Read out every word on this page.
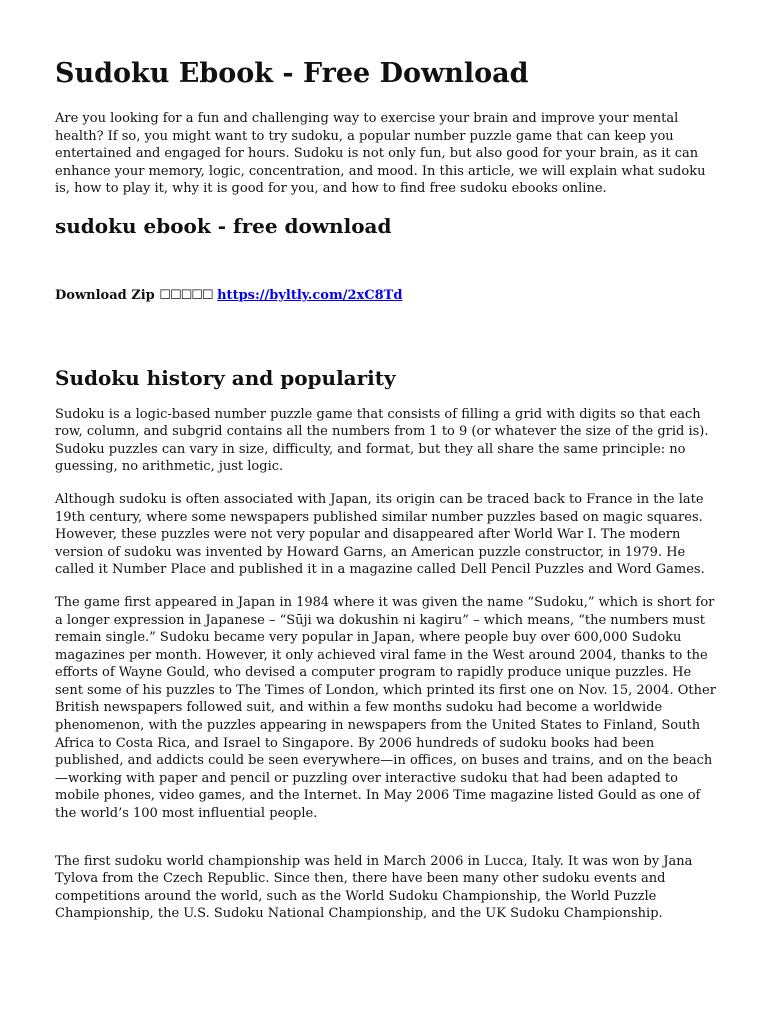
Sudoku Ebook - Free Download

Are you looking for a fun and challenging way to exercise your brain and improve your mental health? If so, you might want to try sudoku, a popular number puzzle game that can keep you entertained and engaged for hours. Sudoku is not only fun, but also good for your brain, as it can enhance your memory, logic, concentration, and mood. In this article, we will explain what sudoku is, how to play it, why it is good for you, and how to find free sudoku ebooks online.

sudoku ebook - free download

Download Zip ☐☐☐☐☐ https://byltly.com/2xC8Td

Sudoku history and popularity

Sudoku is a logic-based number puzzle game that consists of filling a grid with digits so that each row, column, and subgrid contains all the numbers from 1 to 9 (or whatever the size of the grid is). Sudoku puzzles can vary in size, difficulty, and format, but they all share the same principle: no guessing, no arithmetic, just logic.

Although sudoku is often associated with Japan, its origin can be traced back to France in the late 19th century, where some newspapers published similar number puzzles based on magic squares. However, these puzzles were not very popular and disappeared after World War I. The modern version of sudoku was invented by Howard Garns, an American puzzle constructor, in 1979. He called it Number Place and published it in a magazine called Dell Pencil Puzzles and Word Games.

The game first appeared in Japan in 1984 where it was given the name “Sudoku,” which is short for a longer expression in Japanese – “Sūji wa dokushin ni kagiru” – which means, “the numbers must remain single.” Sudoku became very popular in Japan, where people buy over 600,000 Sudoku magazines per month. However, it only achieved viral fame in the West around 2004, thanks to the efforts of Wayne Gould, who devised a computer program to rapidly produce unique puzzles. He sent some of his puzzles to The Times of London, which printed its first one on Nov. 15, 2004. Other British newspapers followed suit, and within a few months sudoku had become a worldwide phenomenon, with the puzzles appearing in newspapers from the United States to Finland, South Africa to Costa Rica, and Israel to Singapore. By 2006 hundreds of sudoku books had been published, and addicts could be seen everywhere—in offices, on buses and trains, and on the beach—working with paper and pencil or puzzling over interactive sudoku that had been adapted to mobile phones, video games, and the Internet. In May 2006 Time magazine listed Gould as one of the world’s 100 most influential people.

The first sudoku world championship was held in March 2006 in Lucca, Italy. It was won by Jana Tylova from the Czech Republic. Since then, there have been many other sudoku events and competitions around the world, such as the World Sudoku Championship, the World Puzzle Championship, the U.S. Sudoku National Championship, and the UK Sudoku Championship.
